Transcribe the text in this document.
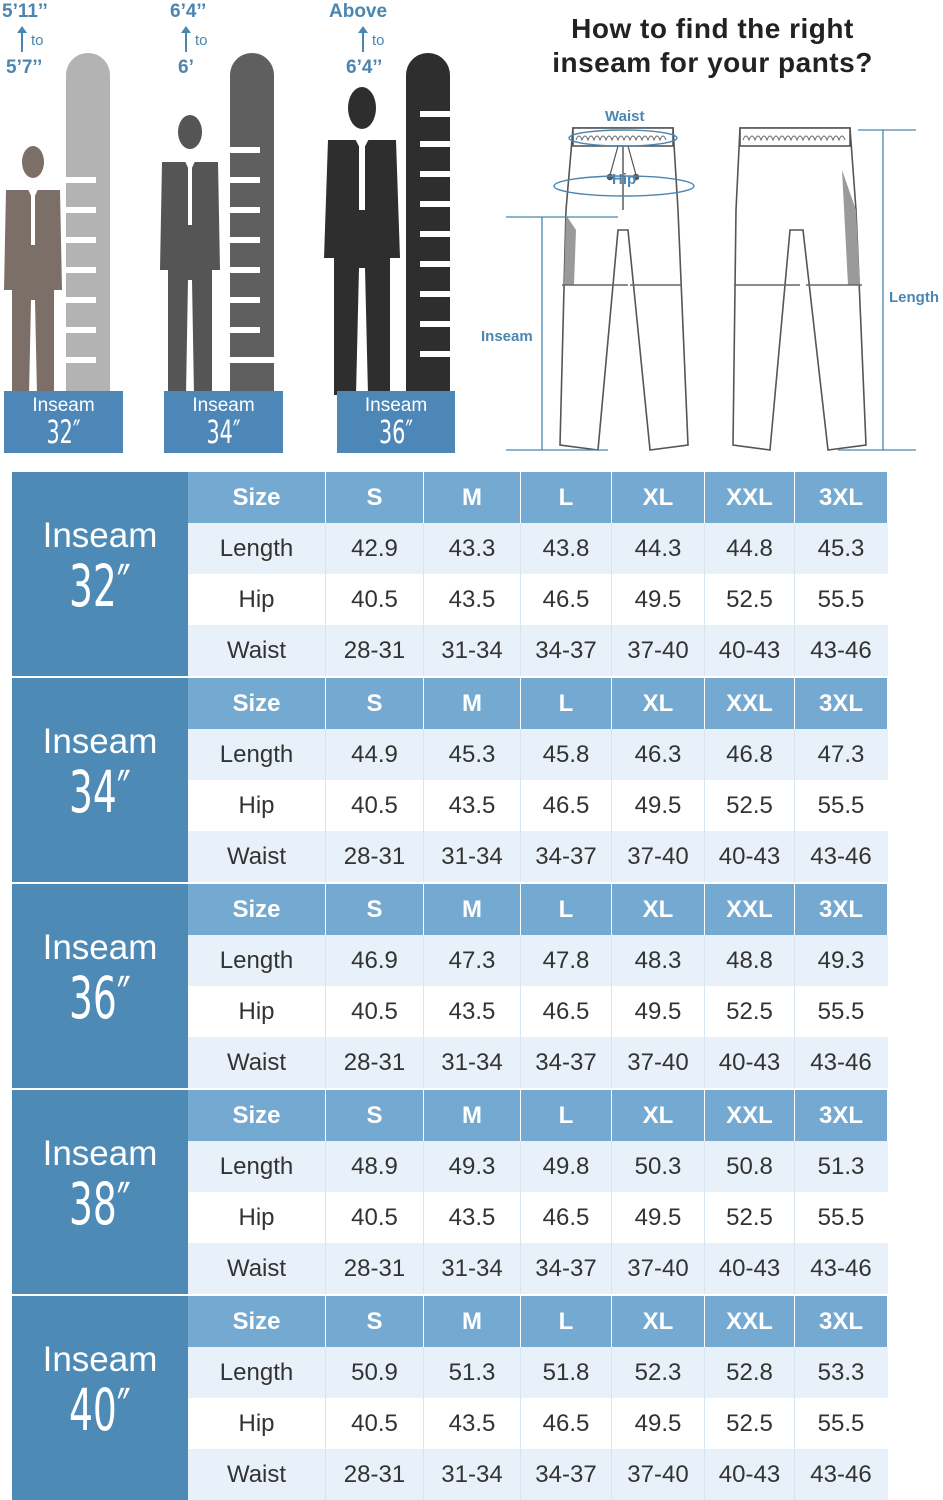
5’11’’
to
5’7’’
Inseam
32″
6’4’’
to
6’
Inseam
34″
Above
to
6’4’’
Inseam
36″
How to find the right
inseam for your pants?
Waist
Hip
Inseam
Length
Inseam
32″
Size	S	M	L	XL	XXL	3XL
Length	42.9	43.3	43.8	44.3	44.8	45.3
Hip	40.5	43.5	46.5	49.5	52.5	55.5
Waist	28-31	31-34	34-37	37-40	40-43	43-46
Inseam
34″
Size	S	M	L	XL	XXL	3XL
Length	44.9	45.3	45.8	46.3	46.8	47.3
Hip	40.5	43.5	46.5	49.5	52.5	55.5
Waist	28-31	31-34	34-37	37-40	40-43	43-46
Inseam
36″
Size	S	M	L	XL	XXL	3XL
Length	46.9	47.3	47.8	48.3	48.8	49.3
Hip	40.5	43.5	46.5	49.5	52.5	55.5
Waist	28-31	31-34	34-37	37-40	40-43	43-46
Inseam
38″
Size	S	M	L	XL	XXL	3XL
Length	48.9	49.3	49.8	50.3	50.8	51.3
Hip	40.5	43.5	46.5	49.5	52.5	55.5
Waist	28-31	31-34	34-37	37-40	40-43	43-46
Inseam
40″
Size	S	M	L	XL	XXL	3XL
Length	50.9	51.3	51.8	52.3	52.8	53.3
Hip	40.5	43.5	46.5	49.5	52.5	55.5
Waist	28-31	31-34	34-37	37-40	40-43	43-46
